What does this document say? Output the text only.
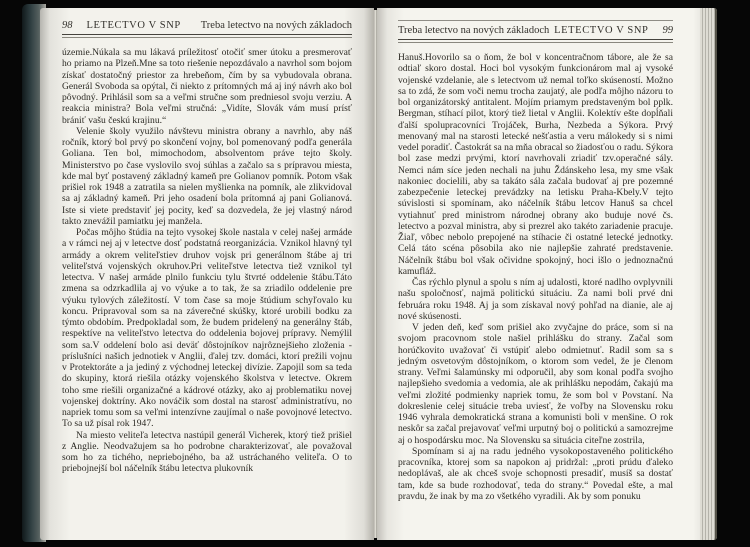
98 LETECTVO V SNP Treba letectvo na nových základoch

územie.Núkala sa mu lákavá príležitosť otočiť smer útoku a presmerovať ho priamo na Plzeň.Mne sa toto riešenie nepozdávalo a navrhol som bojom získať dostatočný priestor za hrebeňom, čím by sa vybudovala obrana. Generál Svoboda sa opýtal, či niekto z prítomných má aj iný návrh ako bol pôvodný. Prihlásil som sa a veľmi stručne som predniesol svoju verziu. A reakcia ministra? Bola veľmi stručná: „Vidíte, Slovák vám musí prísť brániť vašu českú krajinu.“

Velenie školy využilo návštevu ministra obrany a navrhlo, aby náš ročník, ktorý bol prvý po skončení vojny, bol pomenovaný podľa generála Goliana. Ten bol, mimochodom, absolventom práve tejto školy. Ministerstvo po čase vyslovilo svoj súhlas a začalo sa s prípravou miesta, kde mal byť postavený základný kameň pre Golianov pomník. Potom však prišiel rok 1948 a zatratila sa nielen myšlienka na pomník, ale zlikvidoval sa aj základný kameň. Pri jeho osadení bola prítomná aj pani Golianová. Iste si viete predstaviť jej pocity, keď sa dozvedela, že jej vlastný národ takto znevážil pamiatku jej manžela.

Počas môjho štúdia na tejto vysokej škole nastala v celej našej armáde a v rámci nej aj v letectve dosť podstatná reorganizácia. Vznikol hlavný tyl armády a okrem veliteľstiev druhov vojsk pri generálnom štábe aj tri veliteľstvá vojenských okruhov.Pri veliteľstve letectva tiež vznikol tyl letectva. V našej armáde plnilo funkciu tylu štvrté oddelenie štábu.Táto zmena sa odzrkadlila aj vo výuke a to tak, že sa zriadilo oddelenie pre výuku tylových záležitostí. V tom čase sa moje štúdium schyľovalo ku koncu. Pripravoval som sa na záverečné skúšky, ktoré urobili bodku za týmto obdobím. Predpokladal som, že budem pridelený na generálny štáb, respektíve na veliteľstvo letectva do oddelenia bojovej prípravy. Nemýlil som sa.V oddelení bolo asi deväť dôstojníkov najrôznejšieho zloženia - príslušníci našich jednotiek v Anglii, ďalej tzv. domáci, ktorí prežili vojnu v Protektoráte a ja jediný z východnej leteckej divízie. Zapojil som sa teda do skupiny, ktorá riešila otázky vojenského školstva v letectve. Okrem toho sme riešili organizačné a kádrové otázky, ako aj problematiku novej vojenskej doktríny. Ako nováčik som dostal na starosť administratívu, no napriek tomu som sa veľmi intenzívne zaujímal o naše povojnové letectvo. To sa už písal rok 1947.

Na miesto veliteľa letectva nastúpil generál Vicherek, ktorý tiež prišiel z Anglie. Neodvažujem sa ho podrobne charakterizovať, ale považoval som ho za tichého, nepriebojného, ba až ustráchaného veliteľa. O to priebojnejší bol náčelník štábu letectva plukovník

Treba letectvo na nových základoch LETECTVO V SNP 99

Hanuš.Hovorilo sa o ňom, že bol v koncentračnom tábore, ale že sa odtiaľ skoro dostal. Hoci bol vysokým funkcionárom mal aj vysoké vojenské vzdelanie, ale s letectvom už nemal toľko skúseností. Možno sa to zdá, že som voči nemu trocha zaujatý, ale podľa môjho názoru to bol organizátorský antitalent. Mojím priamym predstaveným bol pplk. Bergman, stíhací pilot, ktorý tiež lietal v Anglii. Kolektív ešte dopĺňali ďalší spolupracovníci Trojáček, Burha, Nezbeda a Sýkora. Prvý menovaný mal na starosti letecké nešťastia a veru málokedy si s nimi vedel poradiť. Častokrát sa na mňa obracal so žiadosťou o radu. Sýkora bol zase medzi prvými, ktorí navrhovali zriadiť tzv.operačné sály. Nemci nám síce jeden nechali na juhu Ždánskeho lesa, my sme však nakoniec docielili, aby sa takáto sála začala budovať aj pre pozemné zabezpečenie leteckej prevádzky na letisku Praha-Kbely.V tejto súvislosti si spomínam, ako náčelník štábu letcov Hanuš sa chcel vytiahnuť pred ministrom národnej obrany ako buduje nové čs. letectvo a pozval ministra, aby si prezrel ako takéto zariadenie pracuje. Žiaľ, vôbec nebolo prepojené na stíhacie či ostatné letecké jednotky. Celá táto scéna pôsobila ako nie najlepšie zahraté predstavenie. Náčelník štábu bol však očividne spokojný, hoci išlo o jednoznačnú kamufláž.

Čas rýchlo plynul a spolu s ním aj udalosti, ktoré nadlho ovplyvnili našu spoločnosť, najmä politickú situáciu. Za nami boli prvé dni februára roku 1948. Aj ja som získaval nový pohľad na dianie, ale aj nové skúsenosti.

V jeden deň, keď som prišiel ako zvyčajne do práce, som si na svojom pracovnom stole našiel prihlášku do strany. Začal som horúčkovito uvažovať či vstúpiť alebo odmietnuť. Radil som sa s jedným osvetovým dôstojníkom, o ktorom som vedel, že je členom strany. Veľmi šalamúnsky mi odporučil, aby som konal podľa svojho najlepšieho svedomia a vedomia, ale ak prihlášku nepodám, čakajú ma veľmi zložité podmienky napriek tomu, že som bol v Povstaní. Na dokreslenie celej situácie treba uviesť, že voľby na Slovensku roku 1946 vyhrala demokratická strana a komunisti boli v menšine. O rok neskôr sa začal prejavovať veľmi urputný boj o politickú a samozrejme aj o hospodársku moc. Na Slovensku sa situácia citeľne zostrila,

Spomínam si aj na radu jedného vysokopostaveného politického pracovníka, ktorej som sa napokon aj pridržal: „proti prúdu ďaleko nedoplávaš, ale ak chceš svoje schopnosti presadiť, musíš sa dostať tam, kde sa bude rozhodovať, teda do strany.“ Povedal ešte, a mal pravdu, že inak by ma zo všetkého vyradili. Ak by som ponuku
